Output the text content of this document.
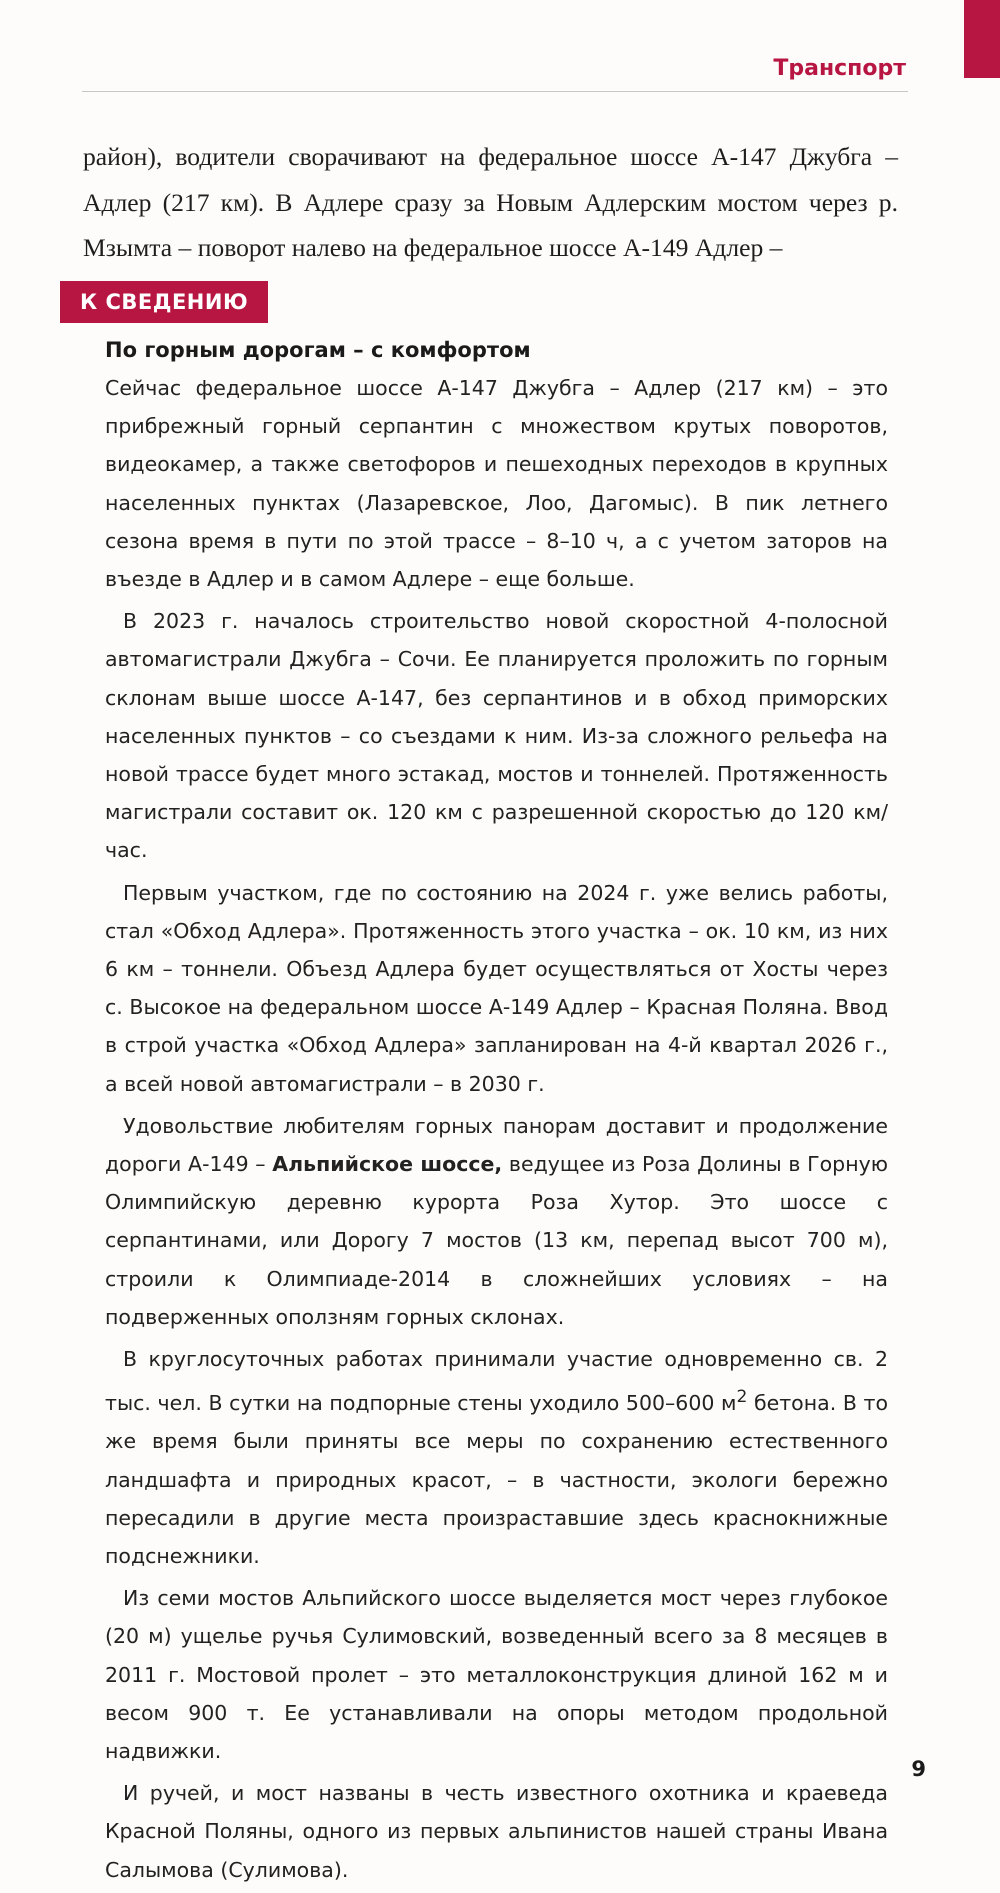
Транспорт

район), водители сворачивают на федеральное шоссе А-147 Джубга – Адлер (217 км). В Адлере сразу за Новым Адлерским мостом через р. Мзымта – поворот налево на федеральное шоссе А-149 Адлер –

К СВЕДЕНИЮ
По горным дорогам – с комфортом

Сейчас федеральное шоссе А-147 Джубга – Адлер (217 км) – это прибрежный горный серпантин с множеством крутых поворотов, видеокамер, а также светофоров и пешеходных переходов в крупных населенных пунктах (Лазаревское, Лоо, Дагомыс). В пик летнего сезона время в пути по этой трассе – 8–10 ч, а с учетом заторов на въезде в Адлер и в самом Адлере – еще больше.

В 2023 г. началось строительство новой скоростной 4-полосной автомагистрали Джубга – Сочи. Ее планируется проложить по горным склонам выше шоссе А-147, без серпантинов и в обход приморских населенных пунктов – со съездами к ним. Из-за сложного рельефа на новой трассе будет много эстакад, мостов и тоннелей. Протяженность магистрали составит ок. 120 км с разрешенной скоростью до 120 км/час.

Первым участком, где по состоянию на 2024 г. уже велись работы, стал «Обход Адлера». Протяженность этого участка – ок. 10 км, из них 6 км – тоннели. Объезд Адлера будет осуществляться от Хосты через с. Высокое на федеральном шоссе А-149 Адлер – Красная Поляна. Ввод в строй участка «Обход Адлера» запланирован на 4-й квартал 2026 г., а всей новой автомагистрали – в 2030 г.

Удовольствие любителям горных панорам доставит и продолжение дороги А-149 – Альпийское шоссе, ведущее из Роза Долины в Горную Олимпийскую деревню курорта Роза Хутор. Это шоссе с серпантинами, или Дорогу 7 мостов (13 км, перепад высот 700 м), строили к Олимпиаде-2014 в сложнейших условиях – на подверженных оползням горных склонах.

В круглосуточных работах принимали участие одновременно св. 2 тыс. чел. В сутки на подпорные стены уходило 500–600 $м^2$ бетона. В то же время были приняты все меры по сохранению естественного ландшафта и природных красот, – в частности, экологи бережно пересадили в другие места произраставшие здесь краснокнижные подснежники.

Из семи мостов Альпийского шоссе выделяется мост через глубокое (20 м) ущелье ручья Сулимовский, возведенный всего за 8 месяцев в 2011 г. Мостовой пролет – это металлоконструкция длиной 162 м и весом 900 т. Ее устанавливали на опоры методом продольной надвижки.

И ручей, и мост названы в честь известного охотника и краеведа Красной Поляны, одного из первых альпинистов нашей страны Ивана Салымова (Сулимова).

9
